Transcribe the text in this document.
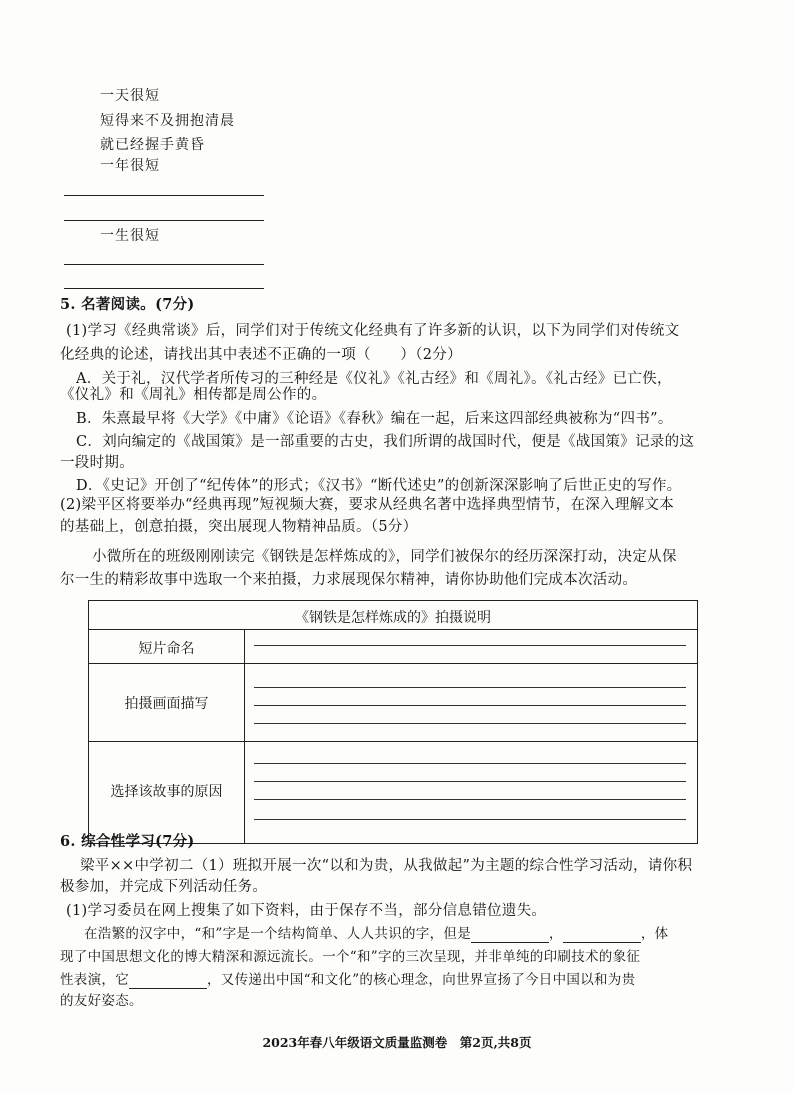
一天很短
短得来不及拥抱清晨
就已经握手黄昏
一年很短
一生很短
5. 名著阅读。(7分)
(1)学习《经典常谈》后，同学们对于传统文化经典有了许多新的认识，以下为同学们对传统文
化经典的论述，请找出其中表述不正确的一项（　　）（2分）
A．关于礼，汉代学者所传习的三种经是《仪礼》《礼古经》和《周礼》。《礼古经》已亡佚，
《仪礼》和《周礼》相传都是周公作的。
B．朱熹最早将《大学》《中庸》《论语》《春秋》编在一起，后来这四部经典被称为“四书”。
C．刘向编定的《战国策》是一部重要的古史，我们所谓的战国时代，便是《战国策》记录的这
一段时期。
D．《史记》开创了“纪传体”的形式；《汉书》“断代述史”的创新深深影响了后世正史的写作。
(2)梁平区将要举办“经典再现”短视频大赛，要求从经典名著中选择典型情节，在深入理解文本
的基础上，创意拍摄，突出展现人物精神品质。（5分）
小微所在的班级刚刚读完《钢铁是怎样炼成的》，同学们被保尔的经历深深打动，决定从保
尔一生的精彩故事中选取一个来拍摄，力求展现保尔精神，请你协助他们完成本次活动。
《钢铁是怎样炼成的》拍摄说明
短片命名
拍摄画面描写
选择该故事的原因
6. 综合性学习(7分)
梁平××中学初二（1）班拟开展一次“以和为贵，从我做起”为主题的综合性学习活动，请你积
极参加，并完成下列活动任务。
(1)学习委员在网上搜集了如下资料，由于保存不当，部分信息错位遗失。
在浩繁的汉字中，“和”字是一个结构简单、人人共识的字，但是	，	，体
现了中国思想文化的博大精深和源远流长。一个“和”字的三次呈现，并非单纯的印刷技术的象征
性表演，它	，又传递出中国“和文化”的核心理念，向世界宣扬了今日中国以和为贵
的友好姿态。
2023年春八年级语文质量监测卷　第2页,共8页
